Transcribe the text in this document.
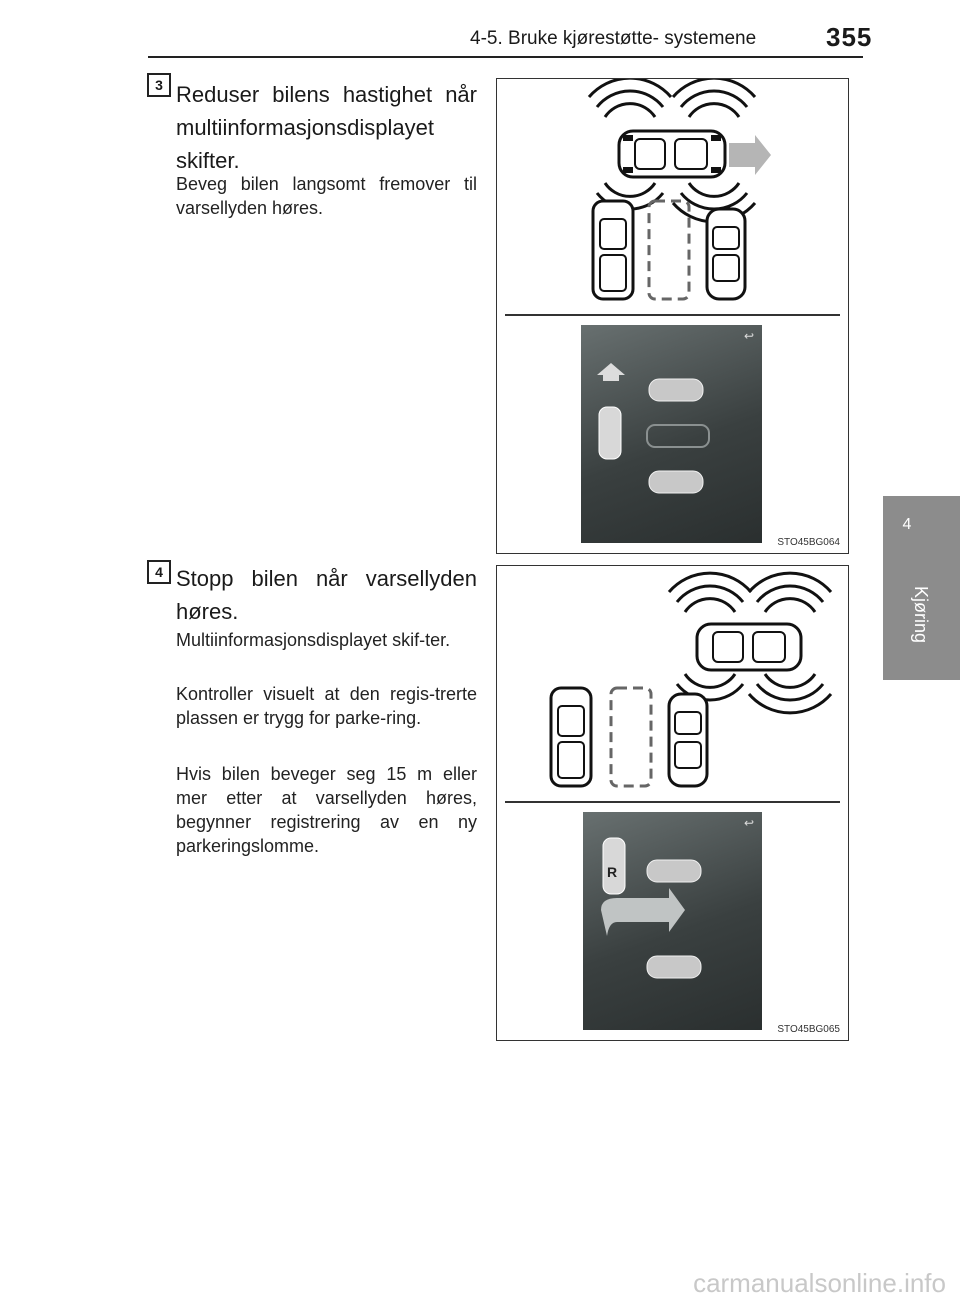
4-5. Bruke kjørestøtte- systemene	355
4
Kjøring
3 Reduser bilens hastighet når
multiinformasjonsdisplayet
skifter.
Beveg bilen langsomt fremover til varsellyden høres.
↩
STO45BG064
4 Stopp bilen når varsellyden
høres.
Multiinformasjonsdisplayet skif-ter.
Kontroller visuelt at den regis-trerte plassen er trygg for parke-ring.
Hvis bilen beveger seg 15 m eller mer etter at varsellyden høres, begynner registrering av en ny parkeringslomme.
R
↩
STO45BG065
carmanualsonline.info
